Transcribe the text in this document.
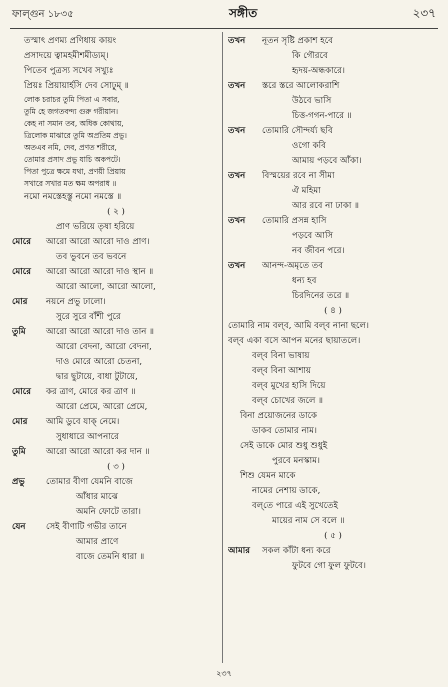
ফাল্গুন ১৮৩৫	সঙ্গীত	২৩৭
তস্মাৎ প্রণম্য প্রণিধায় কায়ং
প্রসাদয়ে ত্বামহমীশমীড্যম্।
পিতেব পুত্রস্য সখেব সখ্যুঃ
প্রিয়ঃ প্রিয়ায়ার্হসি দেব সোঢ়ুম্ ॥
লোক চরাচর তুমি পিতা এ সবার,
তুমি হে জগতবন্দ্য গুরু গরীয়ান।
কেহ না সমান তব, অধিক কোথায়,
ত্রিলোক মাঝারে তুমি অপ্রতিম প্রভু।
অতএব নমি, দেব, প্রণত শরীরে,
তোমার প্রসাদ প্রভু যাচি অকপটে।
পিতা পুত্রে ক্ষমে যথা, প্রণয়ী প্রিয়ায়
সখারে সখার মত ক্ষম অপরাধ ॥
নমো নমস্তেহস্তু নমো নমস্তে ॥
( ২ )
প্রাণ ভরিয়ে তৃষা হরিয়ে
মোরে আরো আরো আরো দাও প্রাণ।
তব ভুবনে তব ভবনে
মোরে আরো আরো আরো দাও স্থান ॥
আরো আলো, আরো আলো,
মোর নয়নে প্রভু ঢালো।
সুরে সুরে বাঁশী পুরে
তুমি আরো আরো আরো দাও তান ॥
আরো বেদনা, আরো বেদনা,
দাও মোরে আরো চেতনা,
দ্বার ছুটায়ে, বাধা টুটায়ে,
মোরে কর ত্রাণ, মোরে কর ত্রাণ ॥
আরো প্রেমে, আরো প্রেমে,
মোর আমি ডুবে যাক্ নেমে।
সুধাধারে আপনারে
তুমি আরো আরো আরো কর দান ॥
( ৩ )
প্রভু তোমার বীণা যেমনি বাজে
আঁধার মাঝে
অমনি ফোটে তারা।
যেন সেই বীণাটি গভীর তানে
আমার প্রাণে
বাজে তেমনি ধারা ॥
তখন নূতন সৃষ্টি প্রকাশ হবে
কি গৌরবে
হৃদয়-অন্ধকারে।
তখন স্তরে স্তরে আলোকরাশি
উঠবে ভাসি
চিত্ত-গগন-পারে ॥
তখন তোমারি সৌন্দর্য্য ছবি
ওগো কবি
আমায় পড়বে আঁকা।
তখন বিস্ময়ের রবে না সীমা
ঐ মহিমা
আর রবে না ঢাকা ॥
তখন তোমারি প্রসন্ন হাসি
পড়বে আসি
নব জীবন পরে।
তখন আনন্দ-অমৃতে তব
ধন্য হব
চিরদিনের তরে ॥
( ৪ )
তোমারি নাম বল্‌ব, আমি বল্‌ব নানা ছলে।
বল্‌ব একা বসে আপন মনের ছায়াতলে।
বল্‌ব বিনা ভাষায়
বল্‌ব বিনা আশায়
বল্‌ব মুখের হাসি দিয়ে
বল্‌ব চোখের জলে ॥
বিনা প্রয়োজনের ডাকে
ডাকব তোমার নাম।
সেই ডাকে মোর শুধু শুধুই
পুরবে মনস্কাম।
শিশু যেমন মাকে
নামের নেশায় ডাকে,
বল্‌তে পারে এই সুখেতেই
মায়ের নাম সে বলে ॥
( ৫ )
আমার সকল কাঁটা ধন্য করে
ফুটবে গো ফুল ফুটবে।
২৩৭
